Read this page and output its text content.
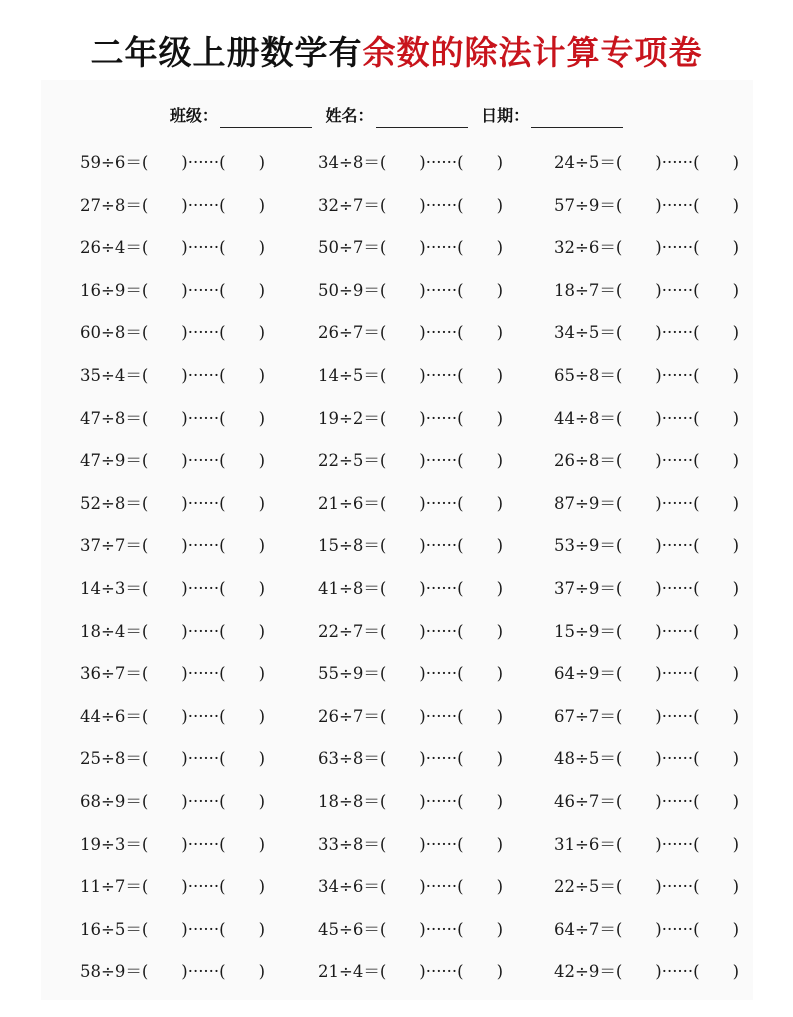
二年级上册数学有余数的除法计算专项卷
班级：	姓名：	日期：
59÷6＝(　　)······(　　)
27÷8＝(　　)······(　　)
26÷4＝(　　)······(　　)
16÷9＝(　　)······(　　)
60÷8＝(　　)······(　　)
35÷4＝(　　)······(　　)
47÷8＝(　　)······(　　)
47÷9＝(　　)······(　　)
52÷8＝(　　)······(　　)
37÷7＝(　　)······(　　)
14÷3＝(　　)······(　　)
18÷4＝(　　)······(　　)
36÷7＝(　　)······(　　)
44÷6＝(　　)······(　　)
25÷8＝(　　)······(　　)
68÷9＝(　　)······(　　)
19÷3＝(　　)······(　　)
11÷7＝(　　)······(　　)
16÷5＝(　　)······(　　)
58÷9＝(　　)······(　　)
34÷8＝(　　)······(　　)
32÷7＝(　　)······(　　)
50÷7＝(　　)······(　　)
50÷9＝(　　)······(　　)
26÷7＝(　　)······(　　)
14÷5＝(　　)······(　　)
19÷2＝(　　)······(　　)
22÷5＝(　　)······(　　)
21÷6＝(　　)······(　　)
15÷8＝(　　)······(　　)
41÷8＝(　　)······(　　)
22÷7＝(　　)······(　　)
55÷9＝(　　)······(　　)
26÷7＝(　　)······(　　)
63÷8＝(　　)······(　　)
18÷8＝(　　)······(　　)
33÷8＝(　　)······(　　)
34÷6＝(　　)······(　　)
45÷6＝(　　)······(　　)
21÷4＝(　　)······(　　)
24÷5＝(　　)······(　　)
57÷9＝(　　)······(　　)
32÷6＝(　　)······(　　)
18÷7＝(　　)······(　　)
34÷5＝(　　)······(　　)
65÷8＝(　　)······(　　)
44÷8＝(　　)······(　　)
26÷8＝(　　)······(　　)
87÷9＝(　　)······(　　)
53÷9＝(　　)······(　　)
37÷9＝(　　)······(　　)
15÷9＝(　　)······(　　)
64÷9＝(　　)······(　　)
67÷7＝(　　)······(　　)
48÷5＝(　　)······(　　)
46÷7＝(　　)······(　　)
31÷6＝(　　)······(　　)
22÷5＝(　　)······(　　)
64÷7＝(　　)······(　　)
42÷9＝(　　)······(　　)
